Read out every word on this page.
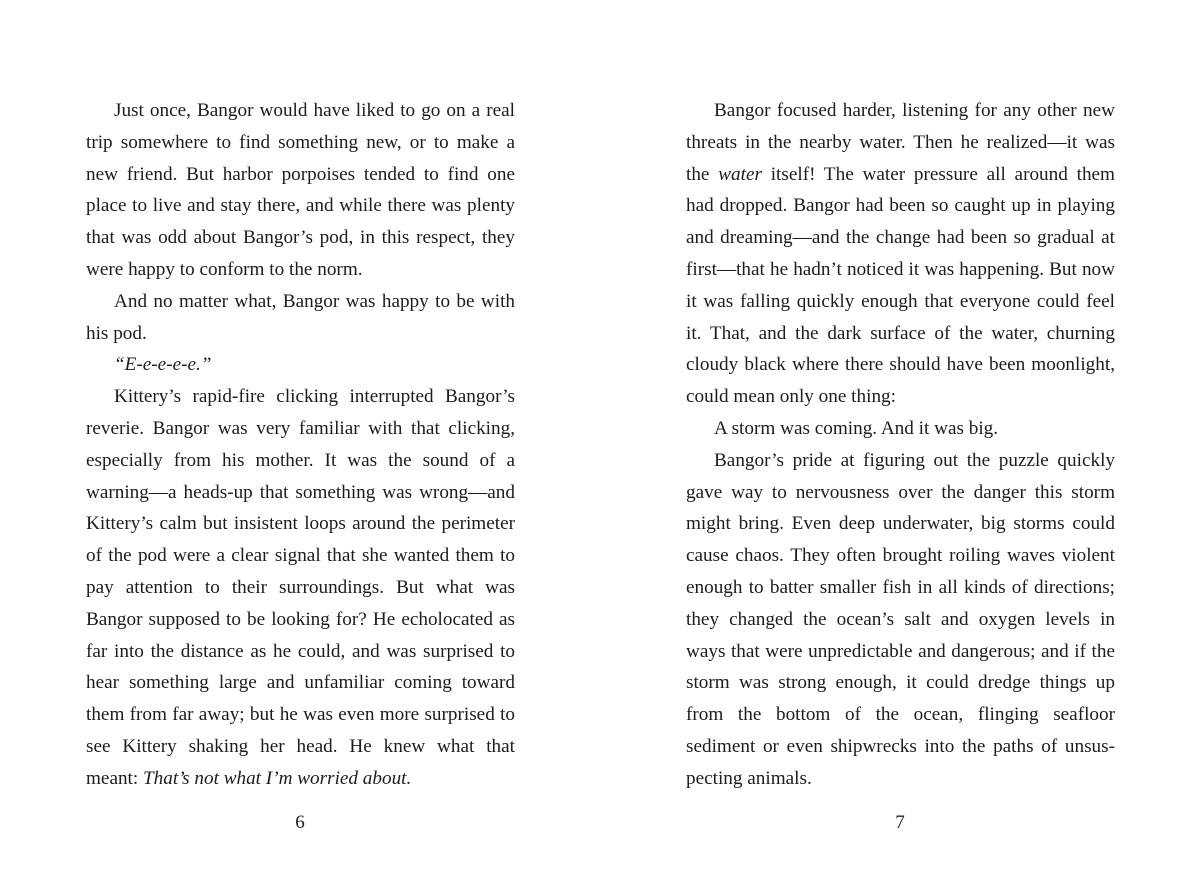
Just once, Bangor would have liked to go on a real trip somewhere to find something new, or to make a new friend. But harbor porpoises tended to find one place to live and stay there, and while there was plenty that was odd about Bangor’s pod, in this respect, they were happy to conform to the norm.

And no matter what, Bangor was happy to be with his pod.

“E-e-e-e-e.”

Kittery’s rapid-fire clicking interrupted Bangor’s reverie. Bangor was very familiar with that clicking, especially from his mother. It was the sound of a warning—a heads-up that something was wrong—and Kittery’s calm but insistent loops around the perimeter of the pod were a clear signal that she wanted them to pay attention to their surroundings. But what was Bangor supposed to be looking for? He echolocated as far into the distance as he could, and was surprised to hear something large and unfamiliar coming toward them from far away; but he was even more surprised to see Kittery shaking her head. He knew what that meant: That’s not what I’m worried about.

6

Bangor focused harder, listening for any other new threats in the nearby water. Then he realized—it was the water itself! The water pressure all around them had dropped. Bangor had been so caught up in playing and dreaming—and the change had been so gradual at first—that he hadn’t noticed it was happening. But now it was falling quickly enough that everyone could feel it. That, and the dark surface of the water, churning cloudy black where there should have been moonlight, could mean only one thing:

A storm was coming. And it was big.

Bangor’s pride at figuring out the puzzle quickly gave way to nervousness over the danger this storm might bring. Even deep underwater, big storms could cause chaos. They often brought roiling waves violent enough to batter smaller fish in all kinds of directions; they changed the ocean’s salt and oxygen levels in ways that were unpredictable and dangerous; and if the storm was strong enough, it could dredge things up from the bottom of the ocean, flinging seafloor sediment or even shipwrecks into the paths of unsuspecting animals.

7
